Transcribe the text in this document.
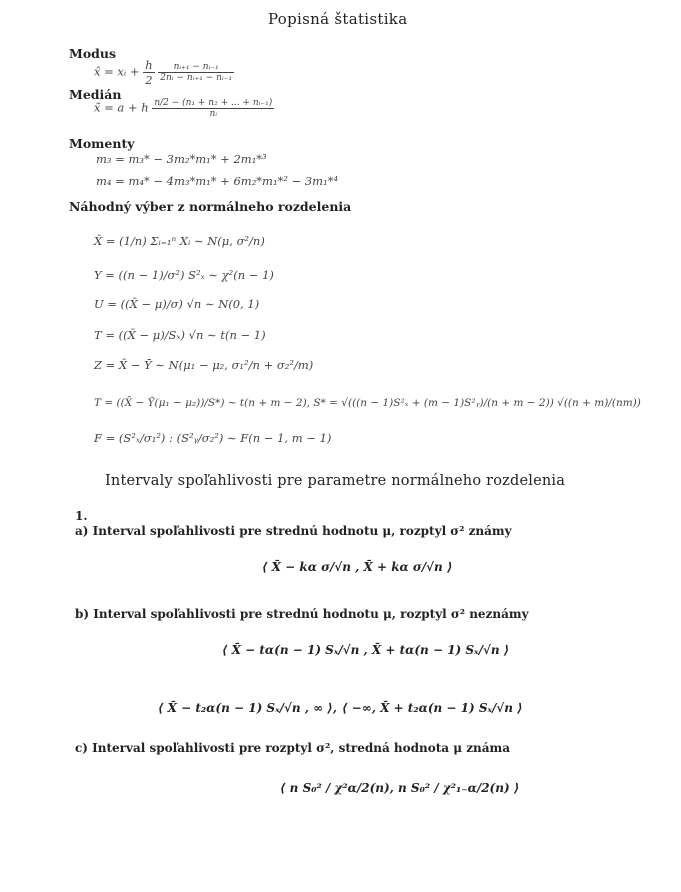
Popisná štatistika
Modus
x̂ = xᵢ + $\frac{h}{2}$
$\frac{\text{nᵢ₊₁ − nᵢ₋₁}}{\text{2nᵢ − nᵢ₊₁ − nᵢ₋₁}}$
Medián
x̃ = a + h $\frac{\text{n/2 − (n₁ + n₂ + ... + nᵢ₋₁)}}{\text{nᵢ}}$
Momenty
m₃ = m₃* − 3m₂*m₁* + 2m₁*³
m₄ = m₄* − 4m₃*m₁* + 6m₂*m₁*² − 3m₁*⁴
Náhodný výber z normálneho rozdelenia
X̄ = (1/n) Σᵢ₌₁ⁿ Xᵢ ∼ N(μ, σ²/n)
Y = ((n − 1)/σ²) S²ₓ ∼ χ²(n − 1)
U = ((X̄ − μ)/σ) √n ∼ N(0, 1)
T = ((X̄ − μ)/Sₓ) √n ∼ t(n − 1)
Z = X̄ − Ȳ ∼ N(μ₁ − μ₂, σ₁²/n + σ₂²/m)
T = ((X̄ − Ȳ(μ₁ − μ₂))/S*) ∼ t(n + m − 2), S* = √(((n − 1)S²ₓ + (m − 1)S²ᵧ)/(n + m − 2)) √((n + m)/(nm))
F = (S²ₓ/σ₁²) : (S²ᵧ/σ₂²) ∼ F(n − 1, m − 1)
Intervaly spoľahlivosti pre parametre normálneho rozdelenia
1.
a) Interval spoľahlivosti pre strednú hodnotu μ, rozptyl σ² známy
⟨ X̄ − kα σ/√n , X̄ + kα σ/√n ⟩
b) Interval spoľahlivosti pre strednú hodnotu μ, rozptyl σ² neznámy
⟨ X̄ − tα(n − 1) Sₓ/√n , X̄ + tα(n − 1) Sₓ/√n ⟩
⟨ X̄ − t₂α(n − 1) Sₓ/√n , ∞ ⟩, ⟨ −∞, X̄ + t₂α(n − 1) Sₓ/√n ⟩
c) Interval spoľahlivosti pre rozptyl σ², stredná hodnota μ známa
⟨ n S₀² / χ²α/2(n), n S₀² / χ²₁₋α/2(n) ⟩
